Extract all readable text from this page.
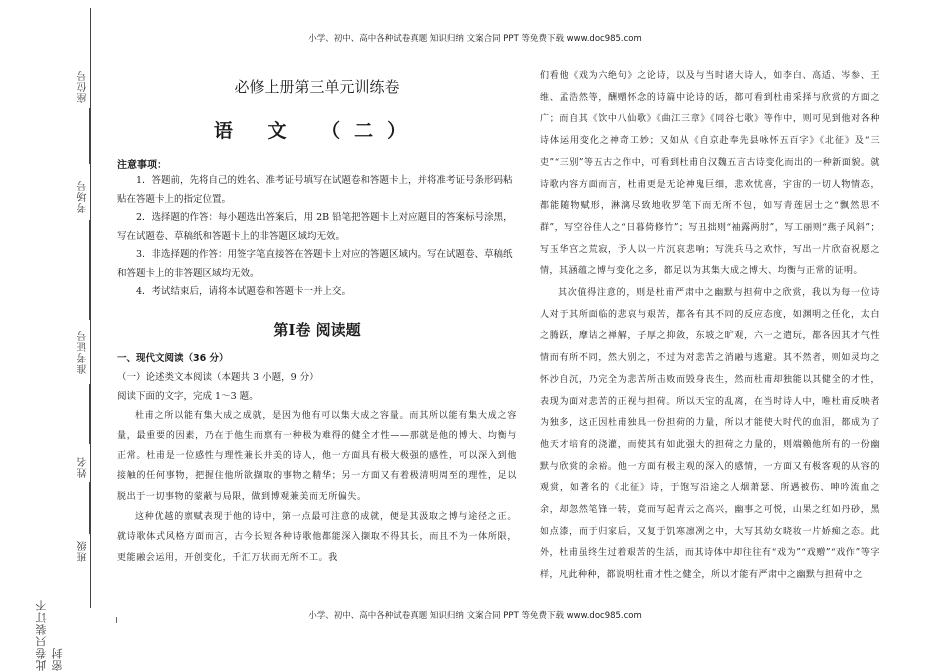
小学、初中、高中各种试卷真题 知识归纳 文案合同 PPT 等免费下载 www.doc985.com
座位号
考场号
准考证号
姓名
班级
此卷只装订不密封
必修上册第三单元训练卷
语 文 （二）
注意事项：

1．答题前，先将自己的姓名、准考证号填写在试题卷和答题卡上，并将准考证号条形码粘贴在答题卡上的指定位置。

2．选择题的作答：每小题选出答案后，用 2B 铅笔把答题卡上对应题目的答案标号涂黑，写在试题卷、草稿纸和答题卡上的非答题区域均无效。

3．非选择题的作答：用签字笔直接答在答题卡上对应的答题区域内。写在试题卷、草稿纸和答题卡上的非答题区域均无效。

4．考试结束后，请将本试题卷和答题卡一并上交。

第Ⅰ卷 阅读题
一、现代文阅读（36 分）
（一）论述类文本阅读（本题共 3 小题，9 分）
阅读下面的文字，完成 1～3 题。

杜甫之所以能有集大成之成就，是因为他有可以集大成之容量。而其所以能有集大成之容量，最重要的因素，乃在于他生而禀有一种极为难得的健全才性——那就是他的博大、均衡与正常。杜甫是一位感性与理性兼长并美的诗人，他一方面具有极大极强的感性，可以深入到他接触的任何事物，把握住他所欲撷取的事物之精华；另一方面又有着极清明周至的理性，足以脱出于一切事物的蒙蔽与局限，做到博观兼美而无所偏失。

这种优越的禀赋表现于他的诗中，第一点最可注意的成就，便是其汲取之博与途径之正。就诗歌体式风格方面而言，古今长短各种诗歌他都能深入撷取不得其长，而且不为一体所限，更能融会运用，开创变化，千汇万状而无所不工。我

们看他《戏为六绝句》之论诗，以及与当时诸大诗人，如李白、高适、岑参、王维、孟浩然等，酬赠怀念的诗篇中论诗的话，都可看到杜甫采择与欣赏的方面之广；而自其《饮中八仙歌》《曲江三章》《同谷七歌》等作中，则可见到他对各种诗体运用变化之神奇工妙；又如从《自京赴奉先县咏怀五百字》《北征》及“三吏”“三别”等五古之作中，可看到杜甫自汉魏五言古诗变化而出的一种新面貌。就诗歌内容方面而言，杜甫更是无论神鬼巨细，悲欢忧喜，宇宙的一切人物情态，都能随物赋形，淋漓尽致地收罗笔下而无所不包，如写青莲居士之“飘然思不群”，写空谷佳人之“日暮倚修竹”；写丑拙则“袖露两肘”，写工丽则“燕子风斜”；写玉华宫之荒寂，予人以一片沉哀悲响；写洗兵马之欢忭，写出一片欣奋祝愿之情，其涵蕴之博与变化之多，都足以为其集大成之博大、均衡与正常的证明。

其次值得注意的，则是杜甫严肃中之幽默与担荷中之欣赏，我以为每一位诗人对于其所面临的悲哀与艰苦，都各有其不同的反应态度，如渊明之任化，太白之腾跃，摩诘之禅解，子厚之抑敛，东坡之旷观，六一之遣玩，都各因其才气性情而有所不同，然大别之，不过为对悲苦之消融与逃避。其不然者，则如灵均之怀沙自沉，乃完全为悲苦所击败而毁身丧生，然而杜甫却独能以其健全的才性，表现为面对悲苦的正视与担荷。所以天宝的乱离，在当时诗人中，唯杜甫反映者为独多，这正因杜甫独具一份担荷的力量，所以才能使大时代的血泪，都成为了他天才培育的浇灌，而使其有如此强大的担荷之力量的，则端赖他所有的一份幽默与欣赏的余裕。他一方面有极主观的深入的感情，一方面又有极客观的从容的观赏，如著名的《北征》诗，于饱写沿途之人烟萧瑟、所遇被伤、呻吟流血之余，却忽然笔锋一转，竟而写起青云之高兴，幽事之可悦，山果之红如丹砂，黑如点漆，而于归家后，又复于饥寒凛冽之中，大写其幼女晓妆一片娇痴之态。此外，杜甫虽终生过着艰苦的生活，而其诗体中却往往有“戏为”“戏赠”“戏作”等字样，凡此种种，都说明杜甫才性之健全，所以才能有严肃中之幽默与担荷中之

小学、初中、高中各种试卷真题 知识归纳 文案合同 PPT 等免费下载 www.doc985.com
